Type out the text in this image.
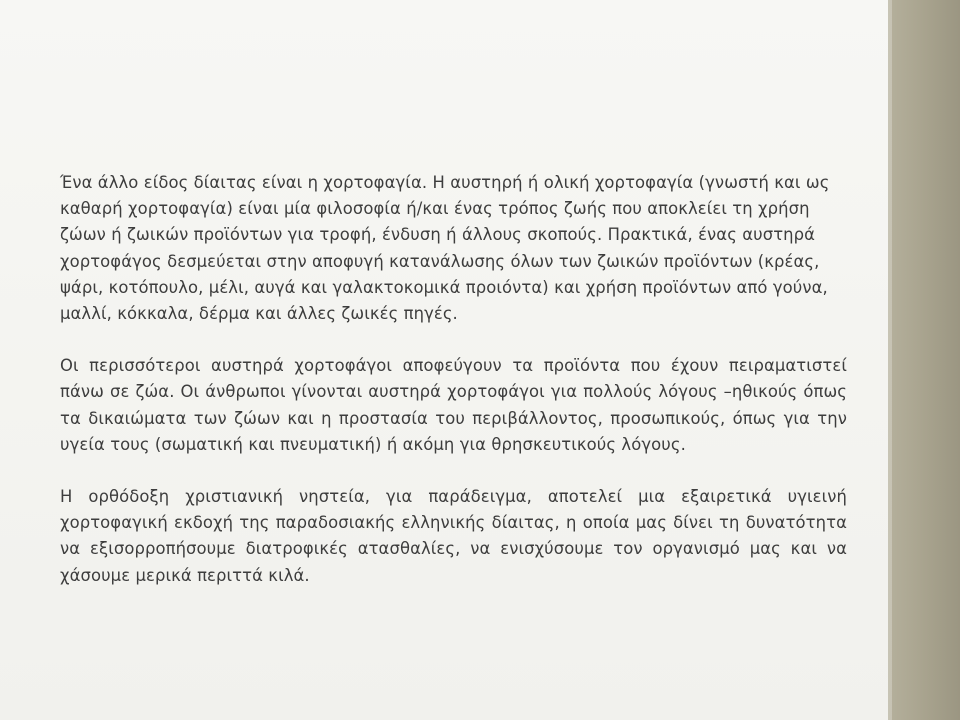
Ένα άλλο είδος δίαιτας είναι η χορτοφαγία. Η αυστηρή ή ολική χορτοφαγία (γνωστή και ως καθαρή χορτοφαγία) είναι μία φιλοσοφία ή/και ένας τρόπος ζωής που αποκλείει τη χρήση ζώων ή ζωικών προϊόντων για τροφή, ένδυση ή άλλους σκοπούς. Πρακτικά, ένας αυστηρά χορτοφάγος δεσμεύεται στην αποφυγή κατανάλωσης όλων των ζωικών προϊόντων (κρέας, ψάρι, κοτόπουλο, μέλι, αυγά και γαλακτοκομικά προιόντα) και χρήση προϊόντων από γούνα, μαλλί, κόκκαλα, δέρμα και άλλες ζωικές πηγές.

Οι περισσότεροι αυστηρά χορτοφάγοι αποφεύγουν τα προϊόντα που έχουν πειραματιστεί πάνω σε ζώα. Οι άνθρωποι γίνονται αυστηρά χορτοφάγοι για πολλούς λόγους –ηθικούς όπως τα δικαιώματα των ζώων και η προστασία του περιβάλλοντος, προσωπικούς, όπως για την υγεία τους (σωματική και πνευματική) ή ακόμη για θρησκευτικούς λόγους.

Η ορθόδοξη χριστιανική νηστεία, για παράδειγμα, αποτελεί μια εξαιρετικά υγιεινή χορτοφαγική εκδοχή της παραδοσιακής ελληνικής δίαιτας, η οποία μας δίνει τη δυνατότητα να εξισορροπήσουμε διατροφικές ατασθαλίες, να ενισχύσουμε τον οργανισμό μας και να χάσουμε μερικά περιττά κιλά.
